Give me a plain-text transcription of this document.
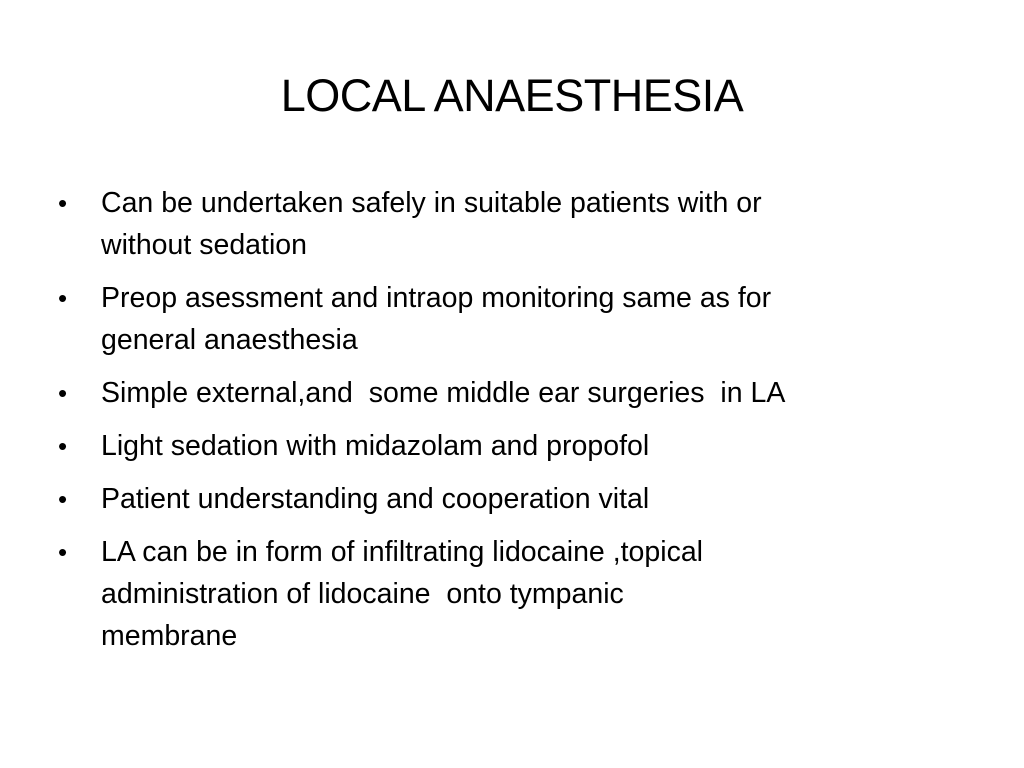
LOCAL ANAESTHESIA
•	Can be undertaken safely in suitable patients with or
without sedation
•	Preop asessment and intraop monitoring same as for
general anaesthesia
•	Simple external,and  some middle ear surgeries  in LA
•	Light sedation with midazolam and propofol
•	Patient understanding and cooperation vital
•	LA can be in form of infiltrating lidocaine ,topical
administration of lidocaine  onto tympanic
membrane
